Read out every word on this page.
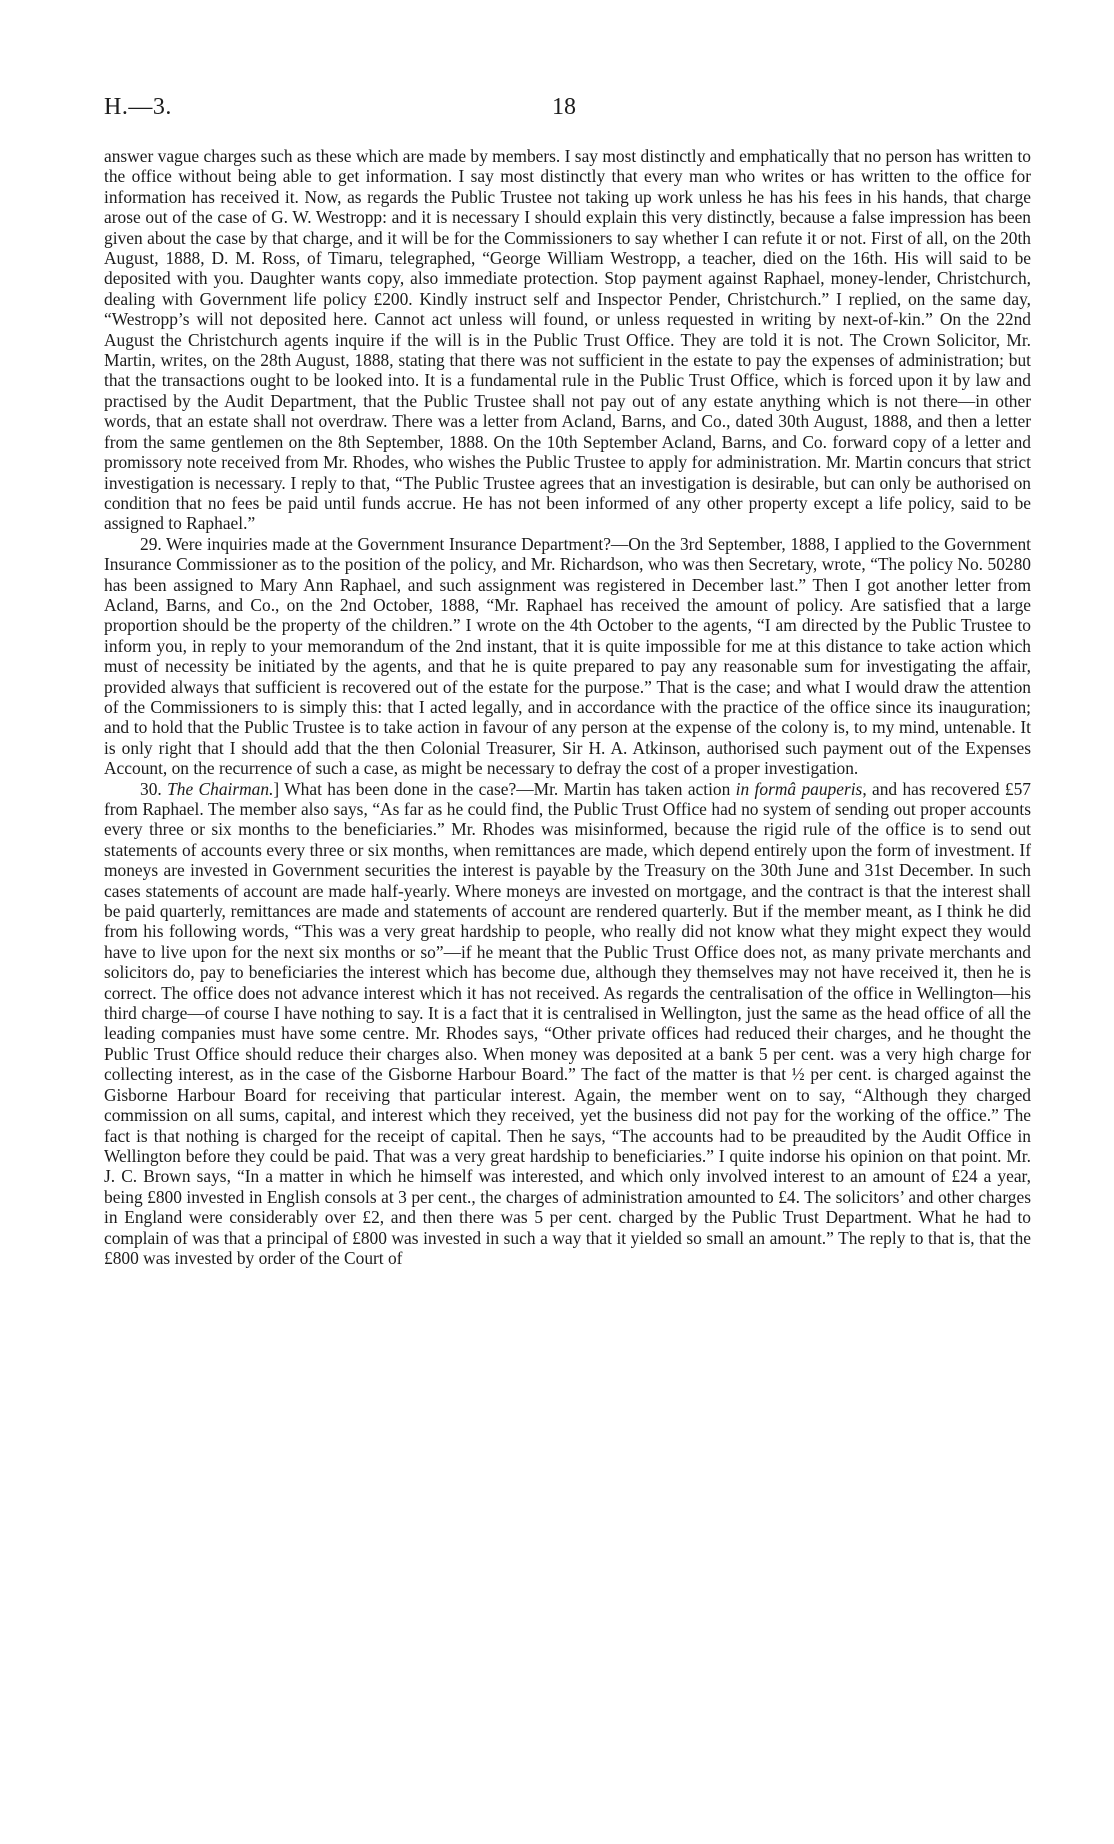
H.—3.	18

answer vague charges such as these which are made by members. I say most distinctly and emphatically that no person has written to the office without being able to get information. I say most distinctly that every man who writes or has written to the office for information has received it. Now, as regards the Public Trustee not taking up work unless he has his fees in his hands, that charge arose out of the case of G. W. Westropp: and it is necessary I should explain this very distinctly, because a false impression has been given about the case by that charge, and it will be for the Commissioners to say whether I can refute it or not. First of all, on the 20th August, 1888, D. M. Ross, of Timaru, telegraphed, “George William Westropp, a teacher, died on the 16th. His will said to be deposited with you. Daughter wants copy, also immediate protection. Stop payment against Raphael, money-lender, Christchurch, dealing with Government life policy £200. Kindly instruct self and Inspector Pender, Christchurch.” I replied, on the same day, “Westropp’s will not deposited here. Cannot act unless will found, or unless requested in writing by next-of-kin.” On the 22nd August the Christchurch agents inquire if the will is in the Public Trust Office. They are told it is not. The Crown Solicitor, Mr. Martin, writes, on the 28th August, 1888, stating that there was not sufficient in the estate to pay the expenses of administration; but that the transactions ought to be looked into. It is a fundamental rule in the Public Trust Office, which is forced upon it by law and practised by the Audit Department, that the Public Trustee shall not pay out of any estate anything which is not there—in other words, that an estate shall not overdraw. There was a letter from Acland, Barns, and Co., dated 30th August, 1888, and then a letter from the same gentlemen on the 8th September, 1888. On the 10th September Acland, Barns, and Co. forward copy of a letter and promissory note received from Mr. Rhodes, who wishes the Public Trustee to apply for administration. Mr. Martin concurs that strict investigation is necessary. I reply to that, “The Public Trustee agrees that an investigation is desirable, but can only be authorised on condition that no fees be paid until funds accrue. He has not been informed of any other property except a life policy, said to be assigned to Raphael.”

29. Were inquiries made at the Government Insurance Department?—On the 3rd September, 1888, I applied to the Government Insurance Commissioner as to the position of the policy, and Mr. Richardson, who was then Secretary, wrote, “The policy No. 50280 has been assigned to Mary Ann Raphael, and such assignment was registered in December last.” Then I got another letter from Acland, Barns, and Co., on the 2nd October, 1888, “Mr. Raphael has received the amount of policy. Are satisfied that a large proportion should be the property of the children.” I wrote on the 4th October to the agents, “I am directed by the Public Trustee to inform you, in reply to your memorandum of the 2nd instant, that it is quite impossible for me at this distance to take action which must of necessity be initiated by the agents, and that he is quite prepared to pay any reasonable sum for investigating the affair, provided always that sufficient is recovered out of the estate for the purpose.” That is the case; and what I would draw the attention of the Commissioners to is simply this: that I acted legally, and in accordance with the practice of the office since its inauguration; and to hold that the Public Trustee is to take action in favour of any person at the expense of the colony is, to my mind, untenable. It is only right that I should add that the then Colonial Treasurer, Sir H. A. Atkinson, authorised such payment out of the Expenses Account, on the recurrence of such a case, as might be necessary to defray the cost of a proper investigation.

30. The Chairman.] What has been done in the case?—Mr. Martin has taken action in formâ pauperis, and has recovered £57 from Raphael. The member also says, “As far as he could find, the Public Trust Office had no system of sending out proper accounts every three or six months to the beneficiaries.” Mr. Rhodes was misinformed, because the rigid rule of the office is to send out statements of accounts every three or six months, when remittances are made, which depend entirely upon the form of investment. If moneys are invested in Government securities the interest is payable by the Treasury on the 30th June and 31st December. In such cases statements of account are made half-yearly. Where moneys are invested on mortgage, and the contract is that the interest shall be paid quarterly, remittances are made and statements of account are rendered quarterly. But if the member meant, as I think he did from his following words, “This was a very great hardship to people, who really did not know what they might expect they would have to live upon for the next six months or so”—if he meant that the Public Trust Office does not, as many private merchants and solicitors do, pay to beneficiaries the interest which has become due, although they themselves may not have received it, then he is correct. The office does not advance interest which it has not received. As regards the centralisation of the office in Wellington—his third charge—of course I have nothing to say. It is a fact that it is centralised in Wellington, just the same as the head office of all the leading companies must have some centre. Mr. Rhodes says, “Other private offices had reduced their charges, and he thought the Public Trust Office should reduce their charges also. When money was deposited at a bank 5 per cent. was a very high charge for collecting interest, as in the case of the Gisborne Harbour Board.” The fact of the matter is that ½ per cent. is charged against the Gisborne Harbour Board for receiving that particular interest. Again, the member went on to say, “Although they charged commission on all sums, capital, and interest which they received, yet the business did not pay for the working of the office.” The fact is that nothing is charged for the receipt of capital. Then he says, “The accounts had to be preaudited by the Audit Office in Wellington before they could be paid. That was a very great hardship to beneficiaries.” I quite indorse his opinion on that point. Mr. J. C. Brown says, “In a matter in which he himself was interested, and which only involved interest to an amount of £24 a year, being £800 invested in English consols at 3 per cent., the charges of administration amounted to £4. The solicitors’ and other charges in England were considerably over £2, and then there was 5 per cent. charged by the Public Trust Department. What he had to complain of was that a principal of £800 was invested in such a way that it yielded so small an amount.” The reply to that is, that the £800 was invested by order of the Court of
